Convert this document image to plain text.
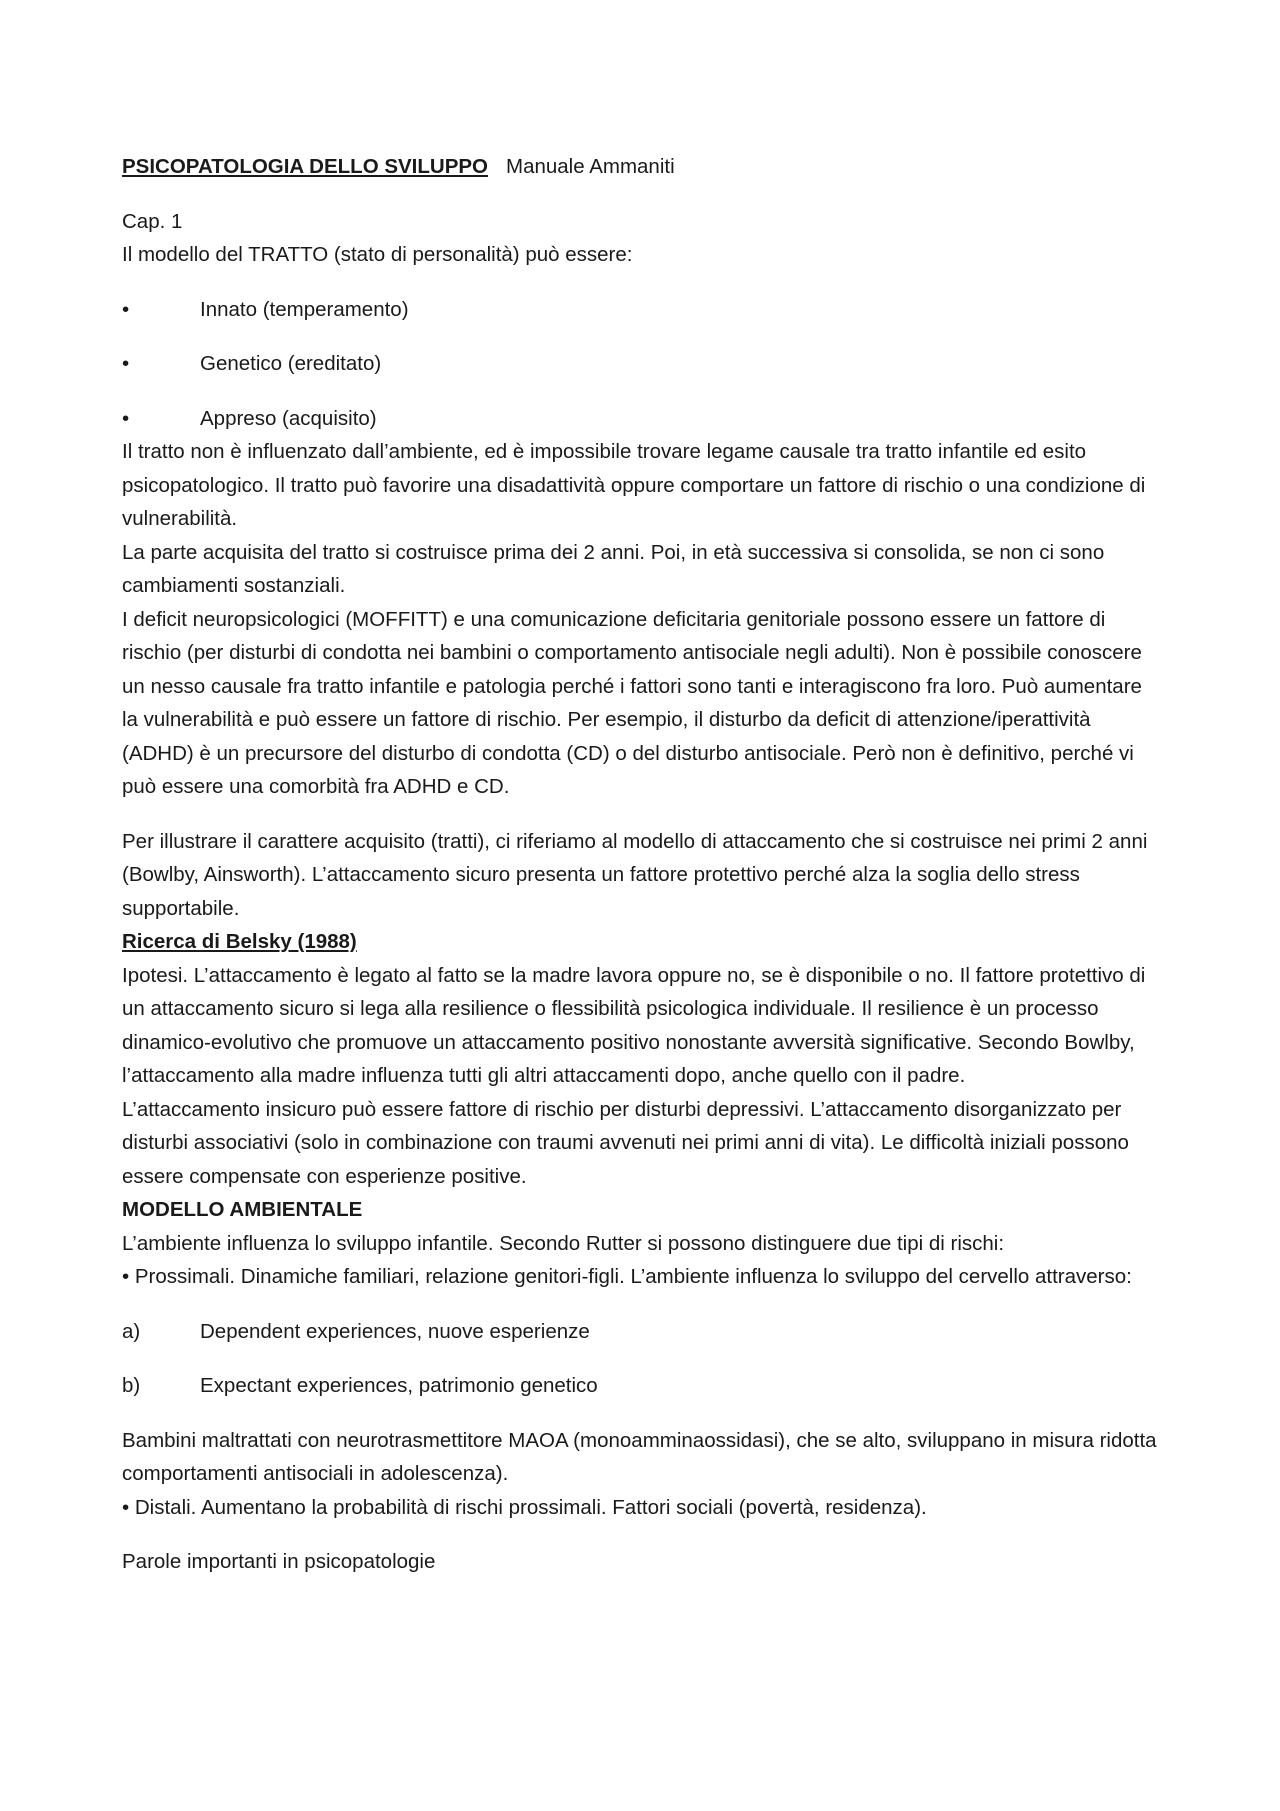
PSICOPATOLOGIA DELLO SVILUPPO Manuale Ammaniti

Cap. 1

Il modello del TRATTO (stato di personalità) può essere:

•	Innato (temperamento)
•	Genetico (ereditato)
•	Appreso (acquisito)

Il tratto non è influenzato dall’ambiente, ed è impossibile trovare legame causale tra tratto infantile ed esito psicopatologico. Il tratto può favorire una disadattività oppure comportare un fattore di rischio o una condizione di vulnerabilità.

La parte acquisita del tratto si costruisce prima dei 2 anni. Poi, in età successiva si consolida, se non ci sono cambiamenti sostanziali.

I deficit neuropsicologici (MOFFITT) e una comunicazione deficitaria genitoriale possono essere un fattore di rischio (per disturbi di condotta nei bambini o comportamento antisociale negli adulti). Non è possibile conoscere un nesso causale fra tratto infantile e patologia perché i fattori sono tanti e interagiscono fra loro. Può aumentare la vulnerabilità e può essere un fattore di rischio. Per esempio, il disturbo da deficit di attenzione/iperattività (ADHD) è un precursore del disturbo di condotta (CD) o del disturbo antisociale. Però non è definitivo, perché vi può essere una comorbità fra ADHD e CD.

Per illustrare il carattere acquisito (tratti), ci riferiamo al modello di attaccamento che si costruisce nei primi 2 anni (Bowlby, Ainsworth). L’attaccamento sicuro presenta un fattore protettivo perché alza la soglia dello stress supportabile.

Ricerca di Belsky (1988)

Ipotesi. L’attaccamento è legato al fatto se la madre lavora oppure no, se è disponibile o no. Il fattore protettivo di un attaccamento sicuro si lega alla resilience o flessibilità psicologica individuale. Il resilience è un processo dinamico-evolutivo che promuove un attaccamento positivo nonostante avversità significative. Secondo Bowlby, l’attaccamento alla madre influenza tutti gli altri attaccamenti dopo, anche quello con il padre.

L’attaccamento insicuro può essere fattore di rischio per disturbi depressivi. L’attaccamento disorganizzato per disturbi associativi (solo in combinazione con traumi avvenuti nei primi anni di vita). Le difficoltà iniziali possono essere compensate con esperienze positive.

MODELLO AMBIENTALE

L’ambiente influenza lo sviluppo infantile. Secondo Rutter si possono distinguere due tipi di rischi:

• Prossimali. Dinamiche familiari, relazione genitori-figli. L’ambiente influenza lo sviluppo del cervello attraverso:

a)	Dependent experiences, nuove esperienze
b)	Expectant experiences, patrimonio genetico

Bambini maltrattati con neurotrasmettitore MAOA (monoamminaossidasi), che se alto, sviluppano in misura ridotta comportamenti antisociali in adolescenza).

• Distali. Aumentano la probabilità di rischi prossimali. Fattori sociali (povertà, residenza).

Parole importanti in psicopatologie
